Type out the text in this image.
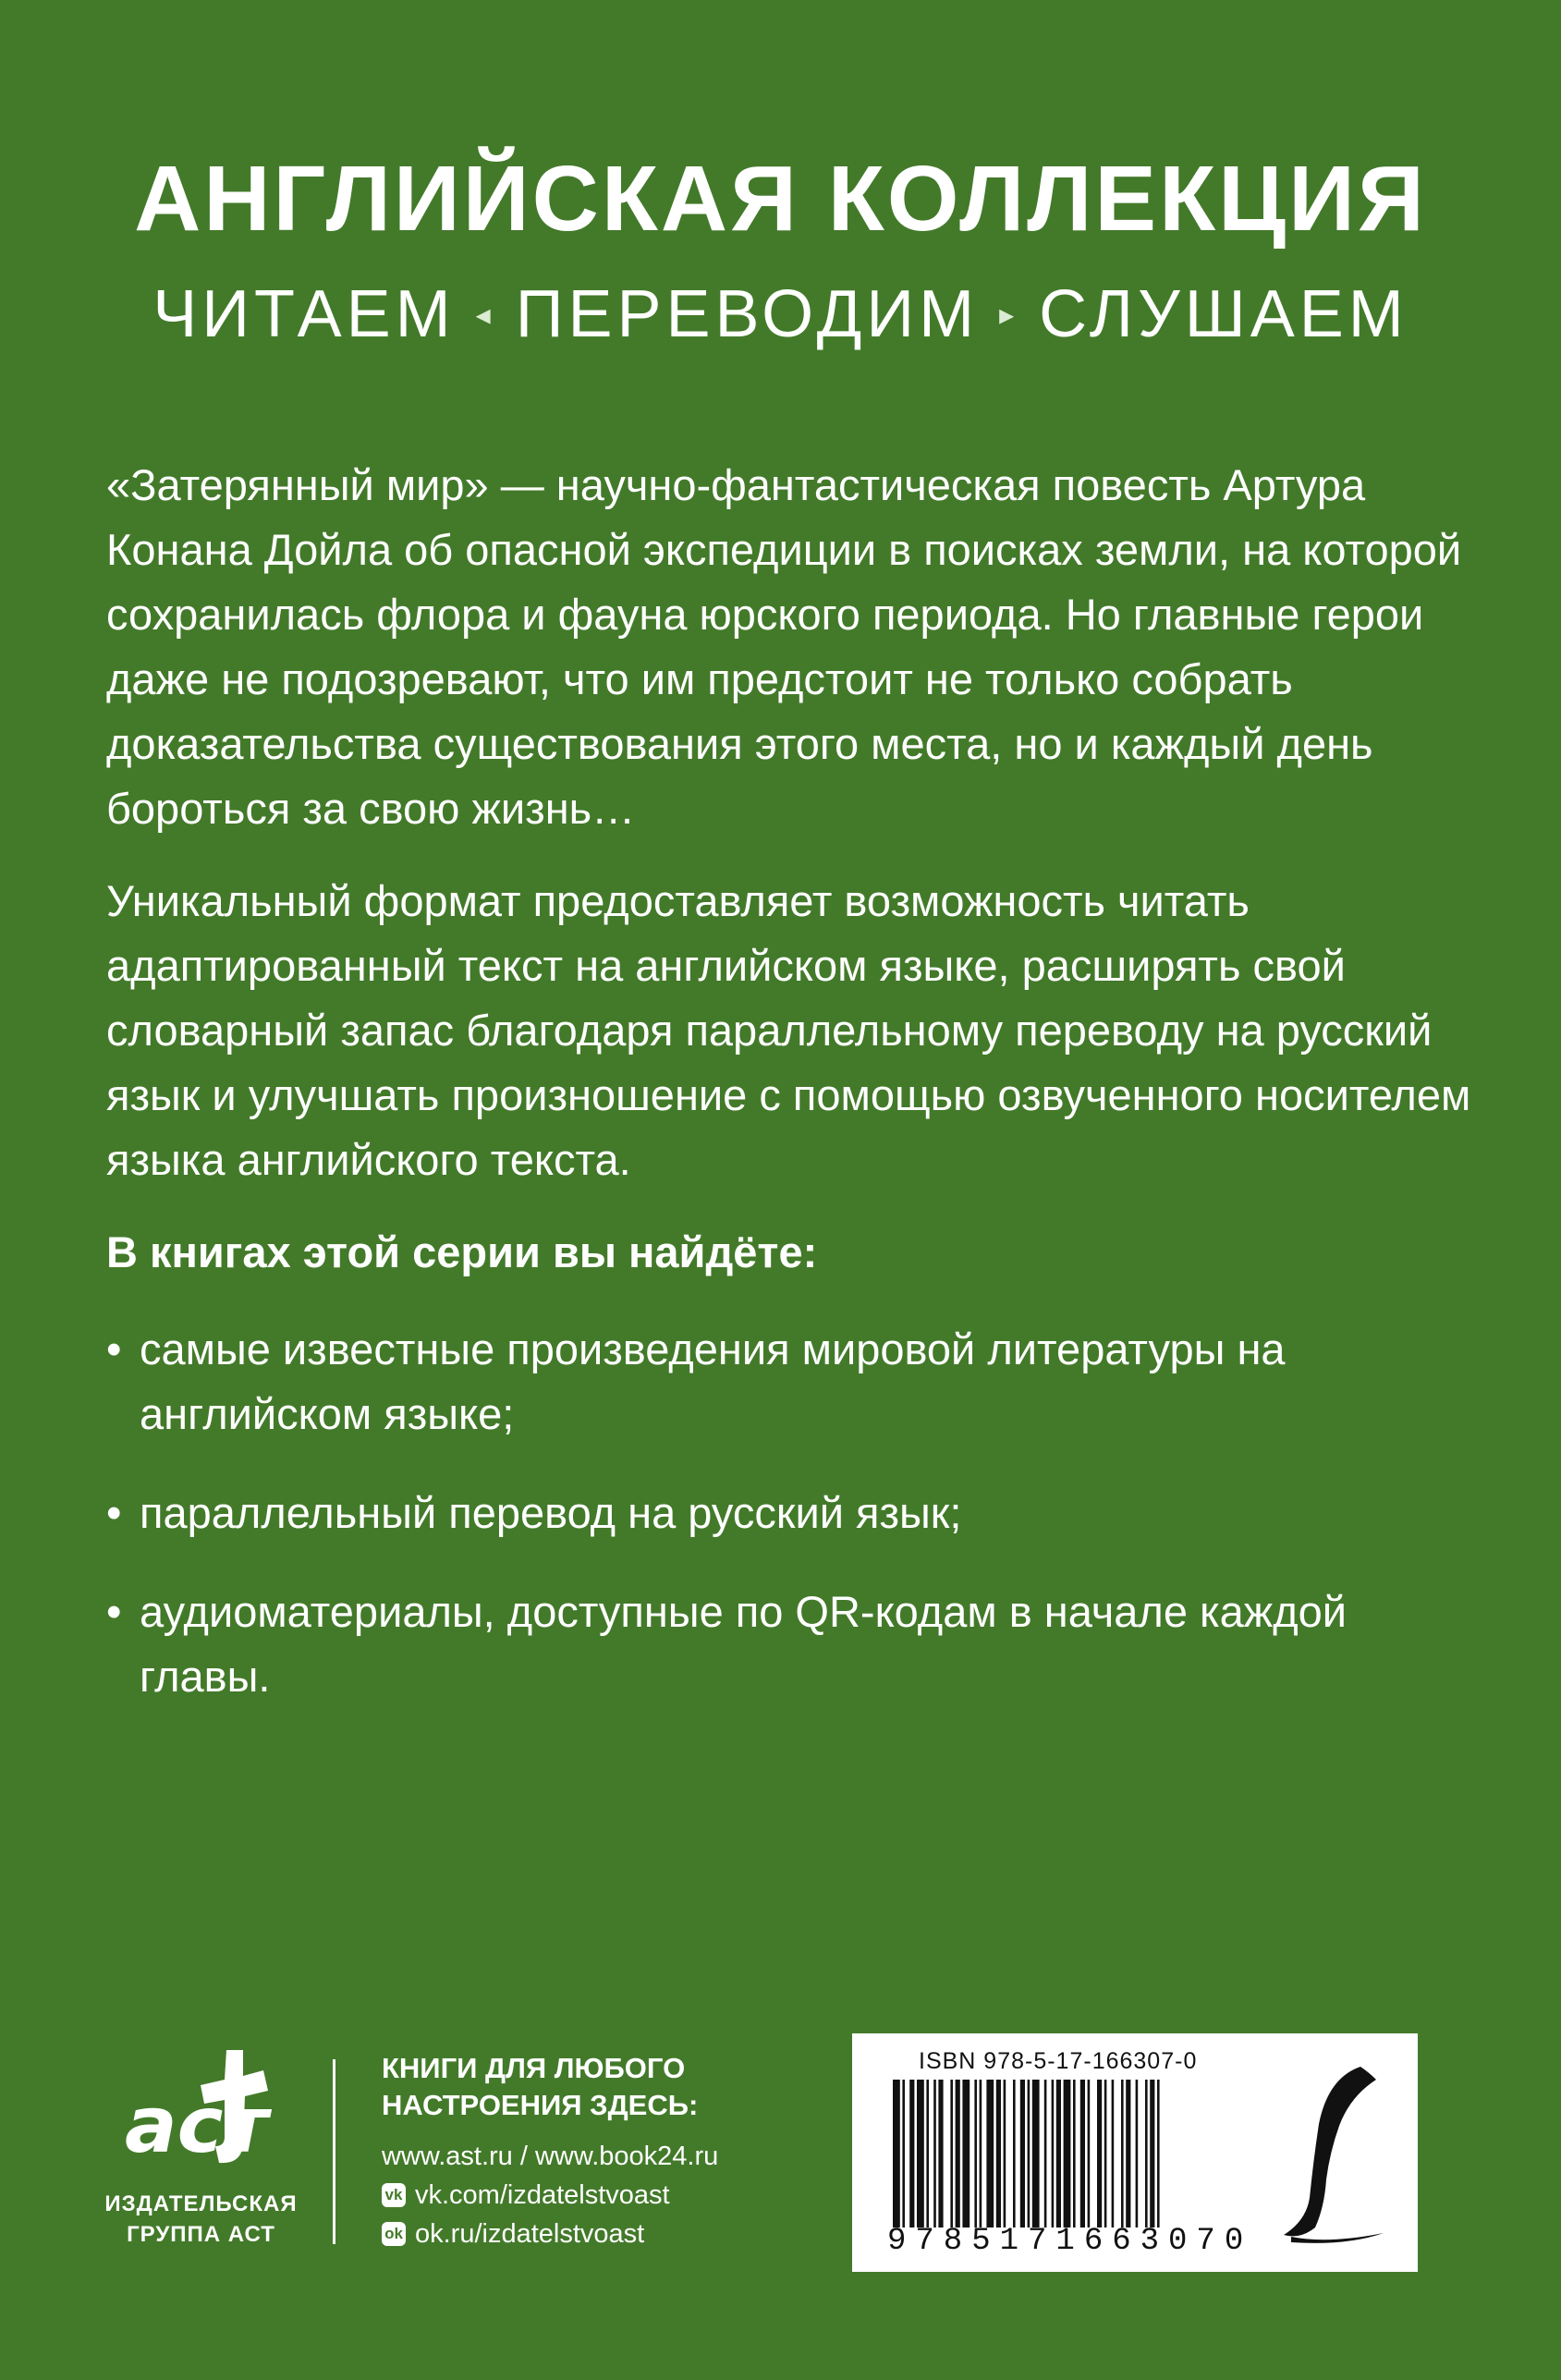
АНГЛИЙСКАЯ КОЛЛЕКЦИЯ
ЧИТАЕМ ◂ ПЕРЕВОДИМ ▸ СЛУШАЕМ
«Затерянный мир» — научно-фантастическая повесть Артура Конана Дойла об опасной экспедиции в поисках земли, на которой сохранилась флора и фауна юрского периода. Но главные герои даже не подозревают, что им предстоит не только собрать доказательства существования этого места, но и каждый день бороться за свою жизнь…
Уникальный формат предоставляет возможность читать адаптированный текст на английском языке, расширять свой словарный запас благодаря параллельному переводу на русский язык и улучшать произношение с помощью озвученного носителем языка английского текста.
В книгах этой серии вы найдёте:
• самые известные произведения мировой литературы на английском языке;
• параллельный перевод на русский язык;
• аудиоматериалы, доступные по QR-кодам в начале каждой главы.
аст
ИЗДАТЕЛЬСКАЯ
ГРУППА АСТ
КНИГИ ДЛЯ ЛЮБОГО
НАСТРОЕНИЯ ЗДЕСЬ:
www.ast.ru / www.book24.ru
vk vk.com/izdatelstvoast
ok ok.ru/izdatelstvoast
ISBN 978-5-17-166307-0
9785171663070
